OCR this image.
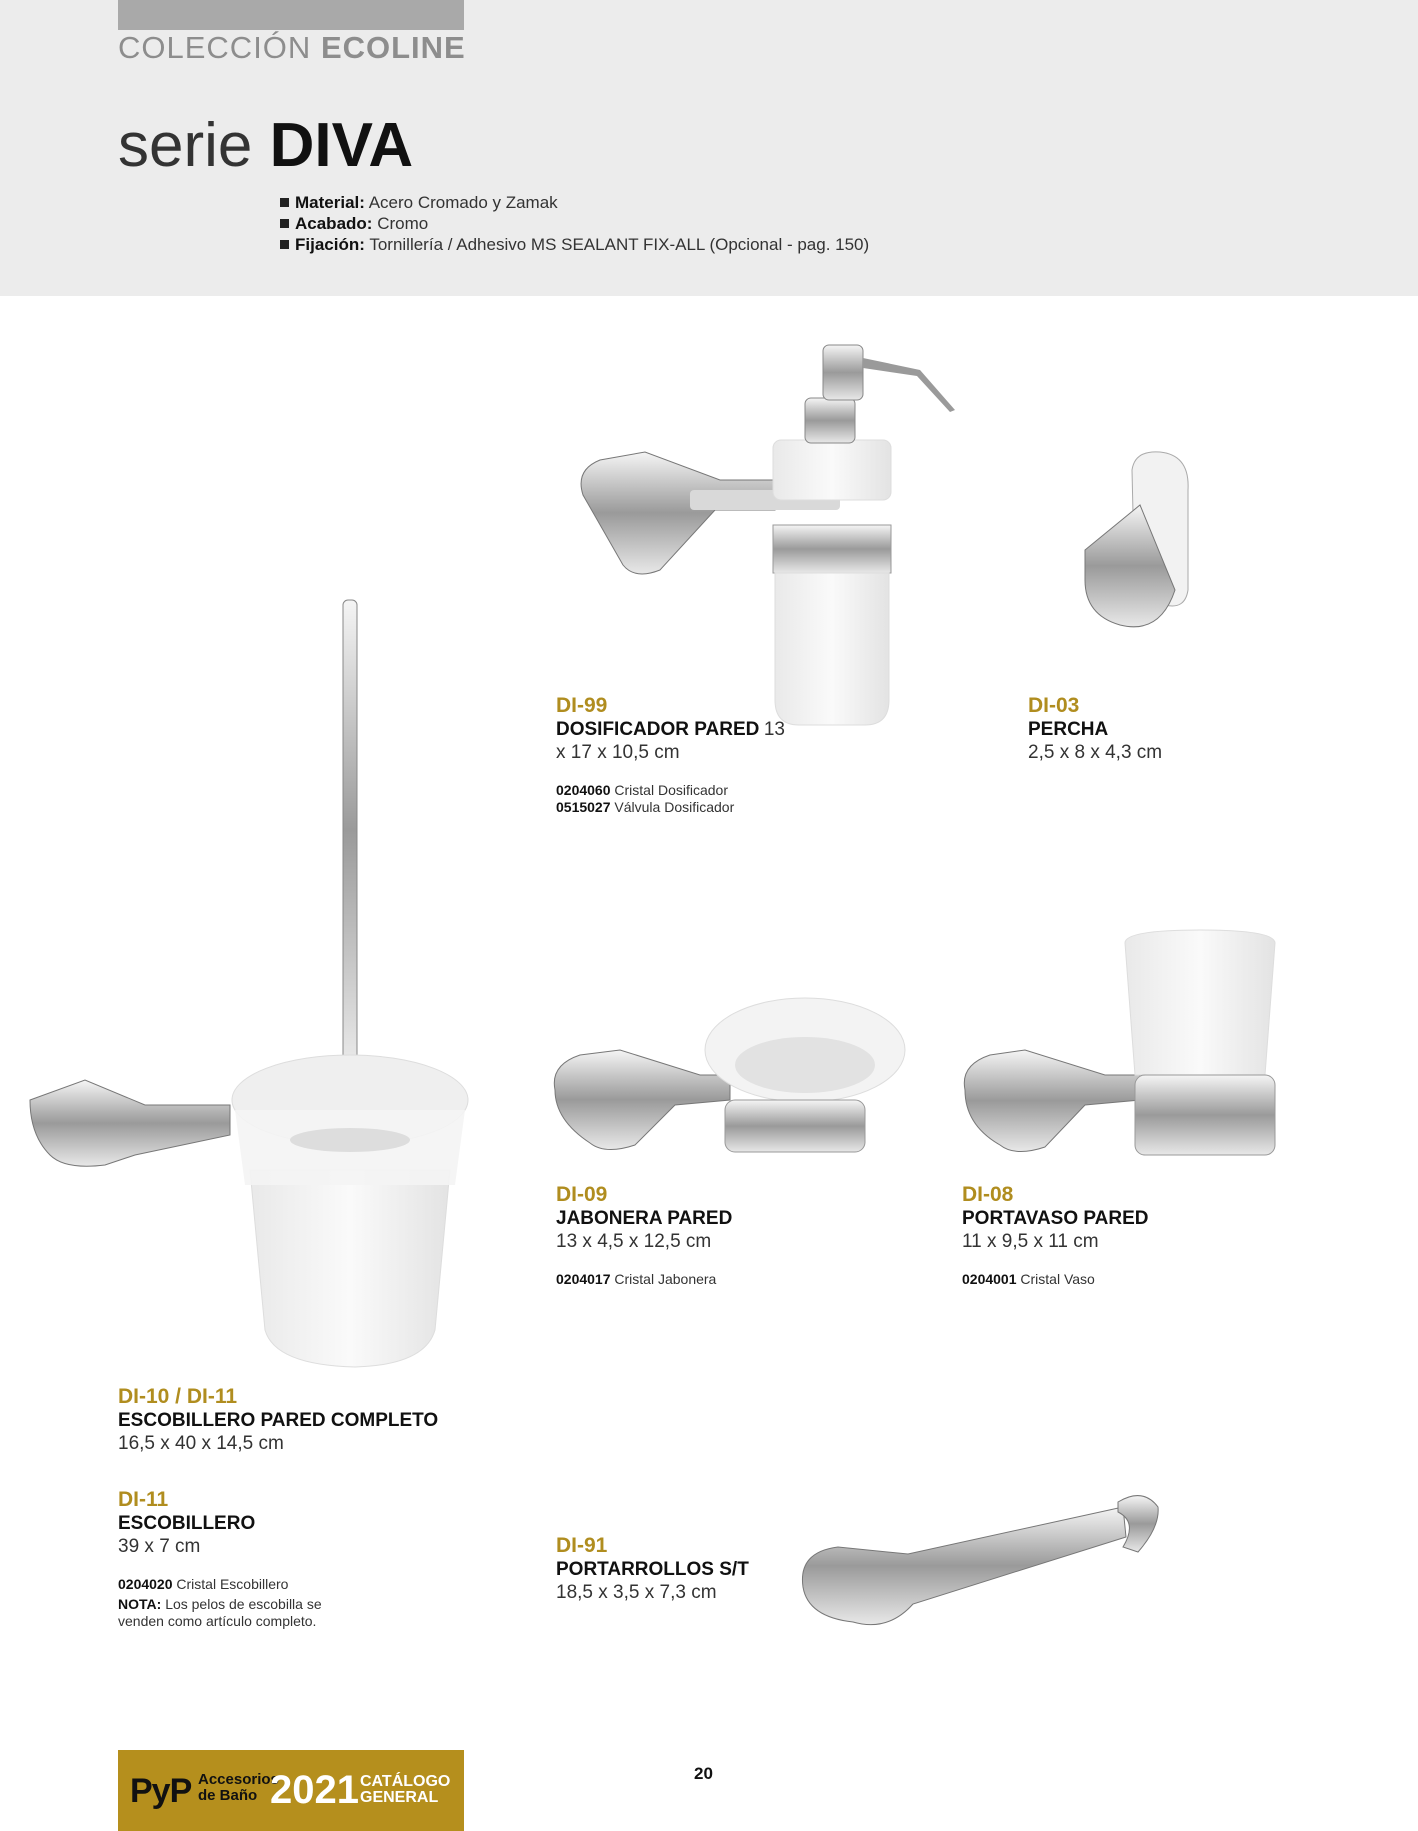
COLECCIÓN ECOLINE
serie DIVA
Material: Acero Cromado y Zamak
Acabado: Cromo
Fijación: Tornillería / Adhesivo MS SEALANT FIX-ALL (Opcional - pag. 150)
DI-99
DOSIFICADOR PARED 13
x 17 x 10,5 cm
0204060 Cristal Dosificador
0515027 Válvula Dosificador
DI-03
PERCHA
2,5 x 8 x 4,3 cm
DI-09
JABONERA PARED
13 x 4,5 x 12,5 cm
0204017 Cristal Jabonera
DI-08
PORTAVASO PARED
11 x 9,5 x 11 cm
0204001 Cristal Vaso
DI-10 / DI-11
ESCOBILLERO PARED COMPLETO
16,5 x 40 x 14,5 cm
DI-11
ESCOBILLERO
39 x 7 cm
0204020 Cristal Escobillero
NOTA: Los pelos de escobilla se
venden como artículo completo.
DI-91
PORTARROLLOS S/T
18,5 x 3,5 x 7,3 cm
PyP Accesorios
de Baño 2021 CATÁLOGO
GENERAL
20
